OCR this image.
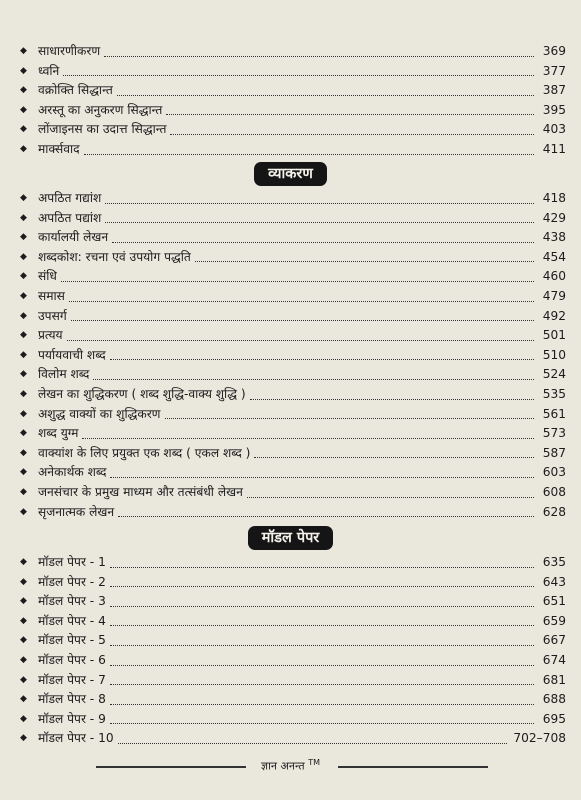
◆ साधारणीकरण	369
◆ ध्वनि	377
◆ वक्रोक्ति सिद्धान्त	387
◆ अरस्तू का अनुकरण सिद्धान्त	395
◆ लोंजाइनस का उदात्त सिद्धान्त	403
◆ मार्क्सवाद	411
व्याकरण
◆ अपठित गद्यांश	418
◆ अपठित पद्यांश	429
◆ कार्यालयी लेखन	438
◆ शब्दकोश: रचना एवं उपयोग पद्धति	454
◆ संधि	460
◆ समास	479
◆ उपसर्ग	492
◆ प्रत्यय	501
◆ पर्यायवाची शब्द	510
◆ विलोम शब्द	524
◆ लेखन का शुद्धिकरण ( शब्द शुद्धि-वाक्य शुद्धि )	535
◆ अशुद्ध वाक्यों का शुद्धिकरण	561
◆ शब्द युग्म	573
◆ वाक्यांश के लिए प्रयुक्त एक शब्द ( एकल शब्द )	587
◆ अनेकार्थक शब्द	603
◆ जनसंचार के प्रमुख माध्यम और तत्संबंधी लेखन	608
◆ सृजनात्मक लेखन	628
मॉडल पेपर
◆ मॉडल पेपर - 1	635
◆ मॉडल पेपर - 2	643
◆ मॉडल पेपर - 3	651
◆ मॉडल पेपर - 4	659
◆ मॉडल पेपर - 5	667
◆ मॉडल पेपर - 6	674
◆ मॉडल पेपर - 7	681
◆ मॉडल पेपर - 8	688
◆ मॉडल पेपर - 9	695
◆ मॉडल पेपर - 10	702–708
ज्ञान अनन्त ™
